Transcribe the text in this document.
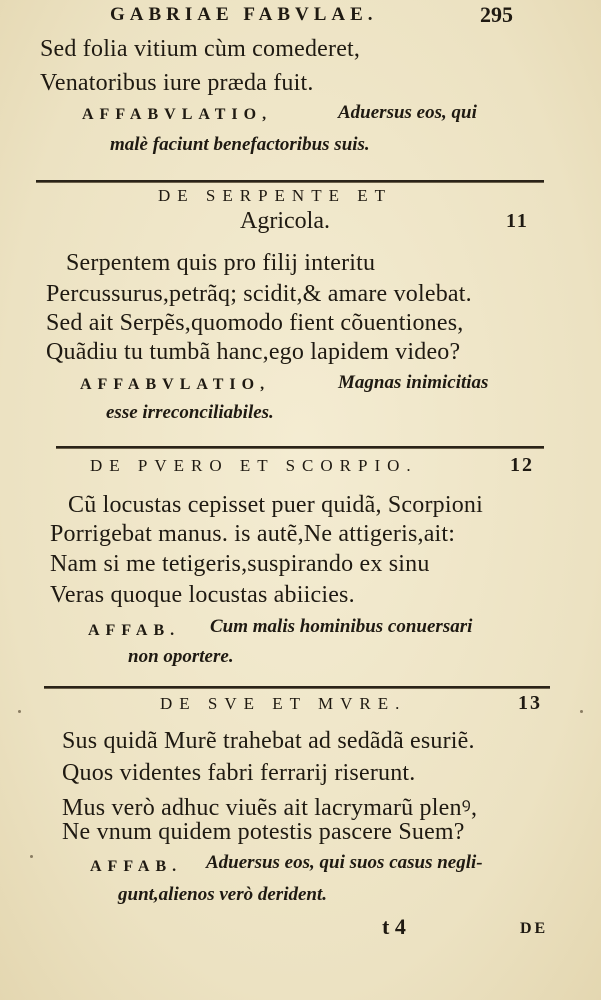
GABRIAE FABVLAE.	295
Sed folia vitium cùm comederet,
Venatoribus iure præda fuit.
AFFABVLATIO,	Aduersus eos, qui
malè faciunt benefactoribus suis.
DE SERPENTE ET
Agricola.	11
Serpentem quis pro filij interitu
Percussurus,petrãq; scidit,& amare volebat.
Sed ait Serpẽs,quomodo fient cõuentiones,
Quãdiu tu tumbã hanc,ego lapidem video?
AFFABVLATIO,	Magnas inimicitias
esse irreconciliabiles.
DE PVERO ET SCORPIO.	12
Cũ locustas cepisset puer quidã, Scorpioni
Porrigebat manus. is autẽ,Ne attigeris,ait:
Nam si me tetigeris,suspirando ex sinu
Veras quoque locustas abiicies.
AFFAB. Cum malis hominibus conuersari
non oportere.
DE SVE ET MVRE.	13
Sus quidã Murẽ trahebat ad sedãdã esuriẽ.
Quos videntes fabri ferrarij riserunt.
Mus verò adhuc viuẽs ait lacrymarũ plenꝰ,
Ne vnum quidem potestis pascere Suem?
AFFAB. Aduersus eos, qui suos casus negli-
gunt,alienos verò derident.
t 4	DE
